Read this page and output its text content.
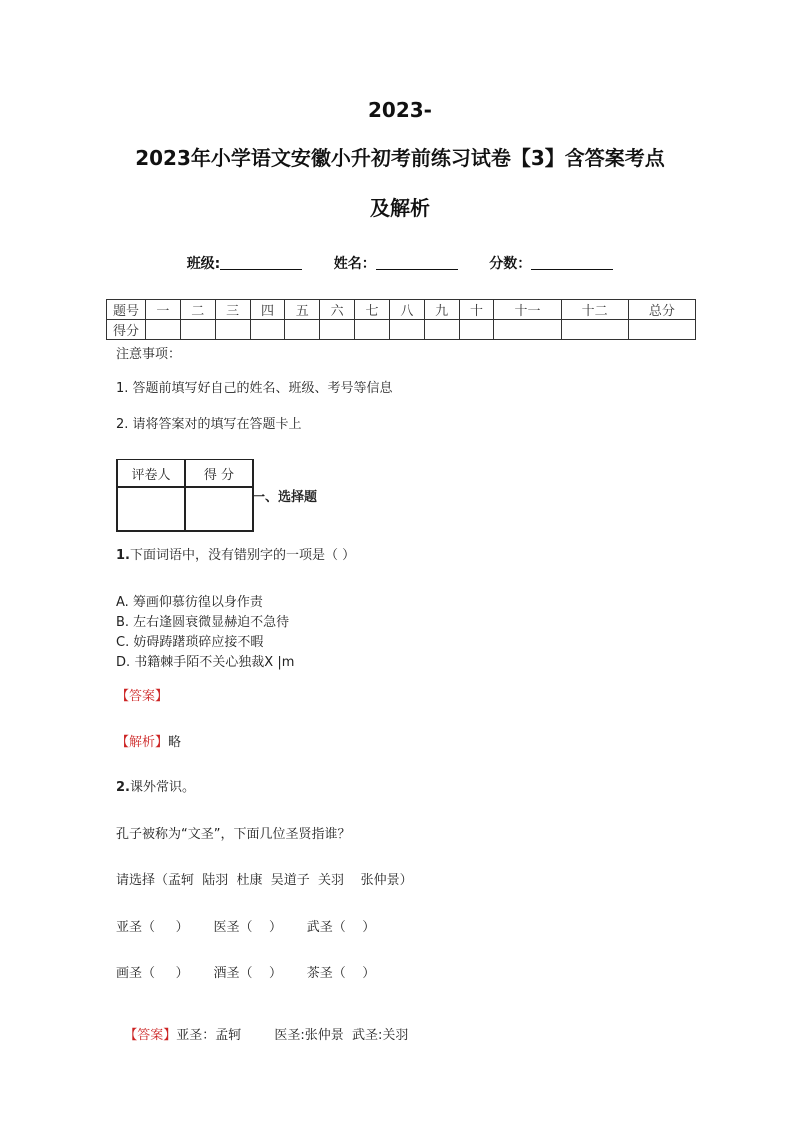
2023-
2023年小学语文安徽小升初考前练习试卷【3】含答案考点
及解析
班级:	姓名：	分数：
题号	一	二	三	四	五	六	七	八	九	十	十一	十二	总分
得分													
注意事项：
1. 答题前填写好自己的姓名、班级、考号等信息
2. 请将答案对的填写在答题卡上
评卷人	得 分

一、选择题
1.下面词语中，没有错别字的一项是（ ）
A. 筹画仰慕彷徨以身作责
B. 左右逢圆衰微显赫迫不急待
C. 妨碍踌躇琐碎应接不暇
D. 书籍棘手陌不关心独裁X |m
【答案】
【解析】略
2.课外常识。
孔子被称为“文圣”，下面几位圣贤指谁？
请选择（孟轲  陆羽  杜康  吴道子  关羽    张仲景）
亚圣（     ）      医圣（    ）      武圣（    ）
画圣（     ）      酒圣（    ）      茶圣（    ）

【答案】亚圣：孟轲        医圣:张仲景  武圣:关羽
